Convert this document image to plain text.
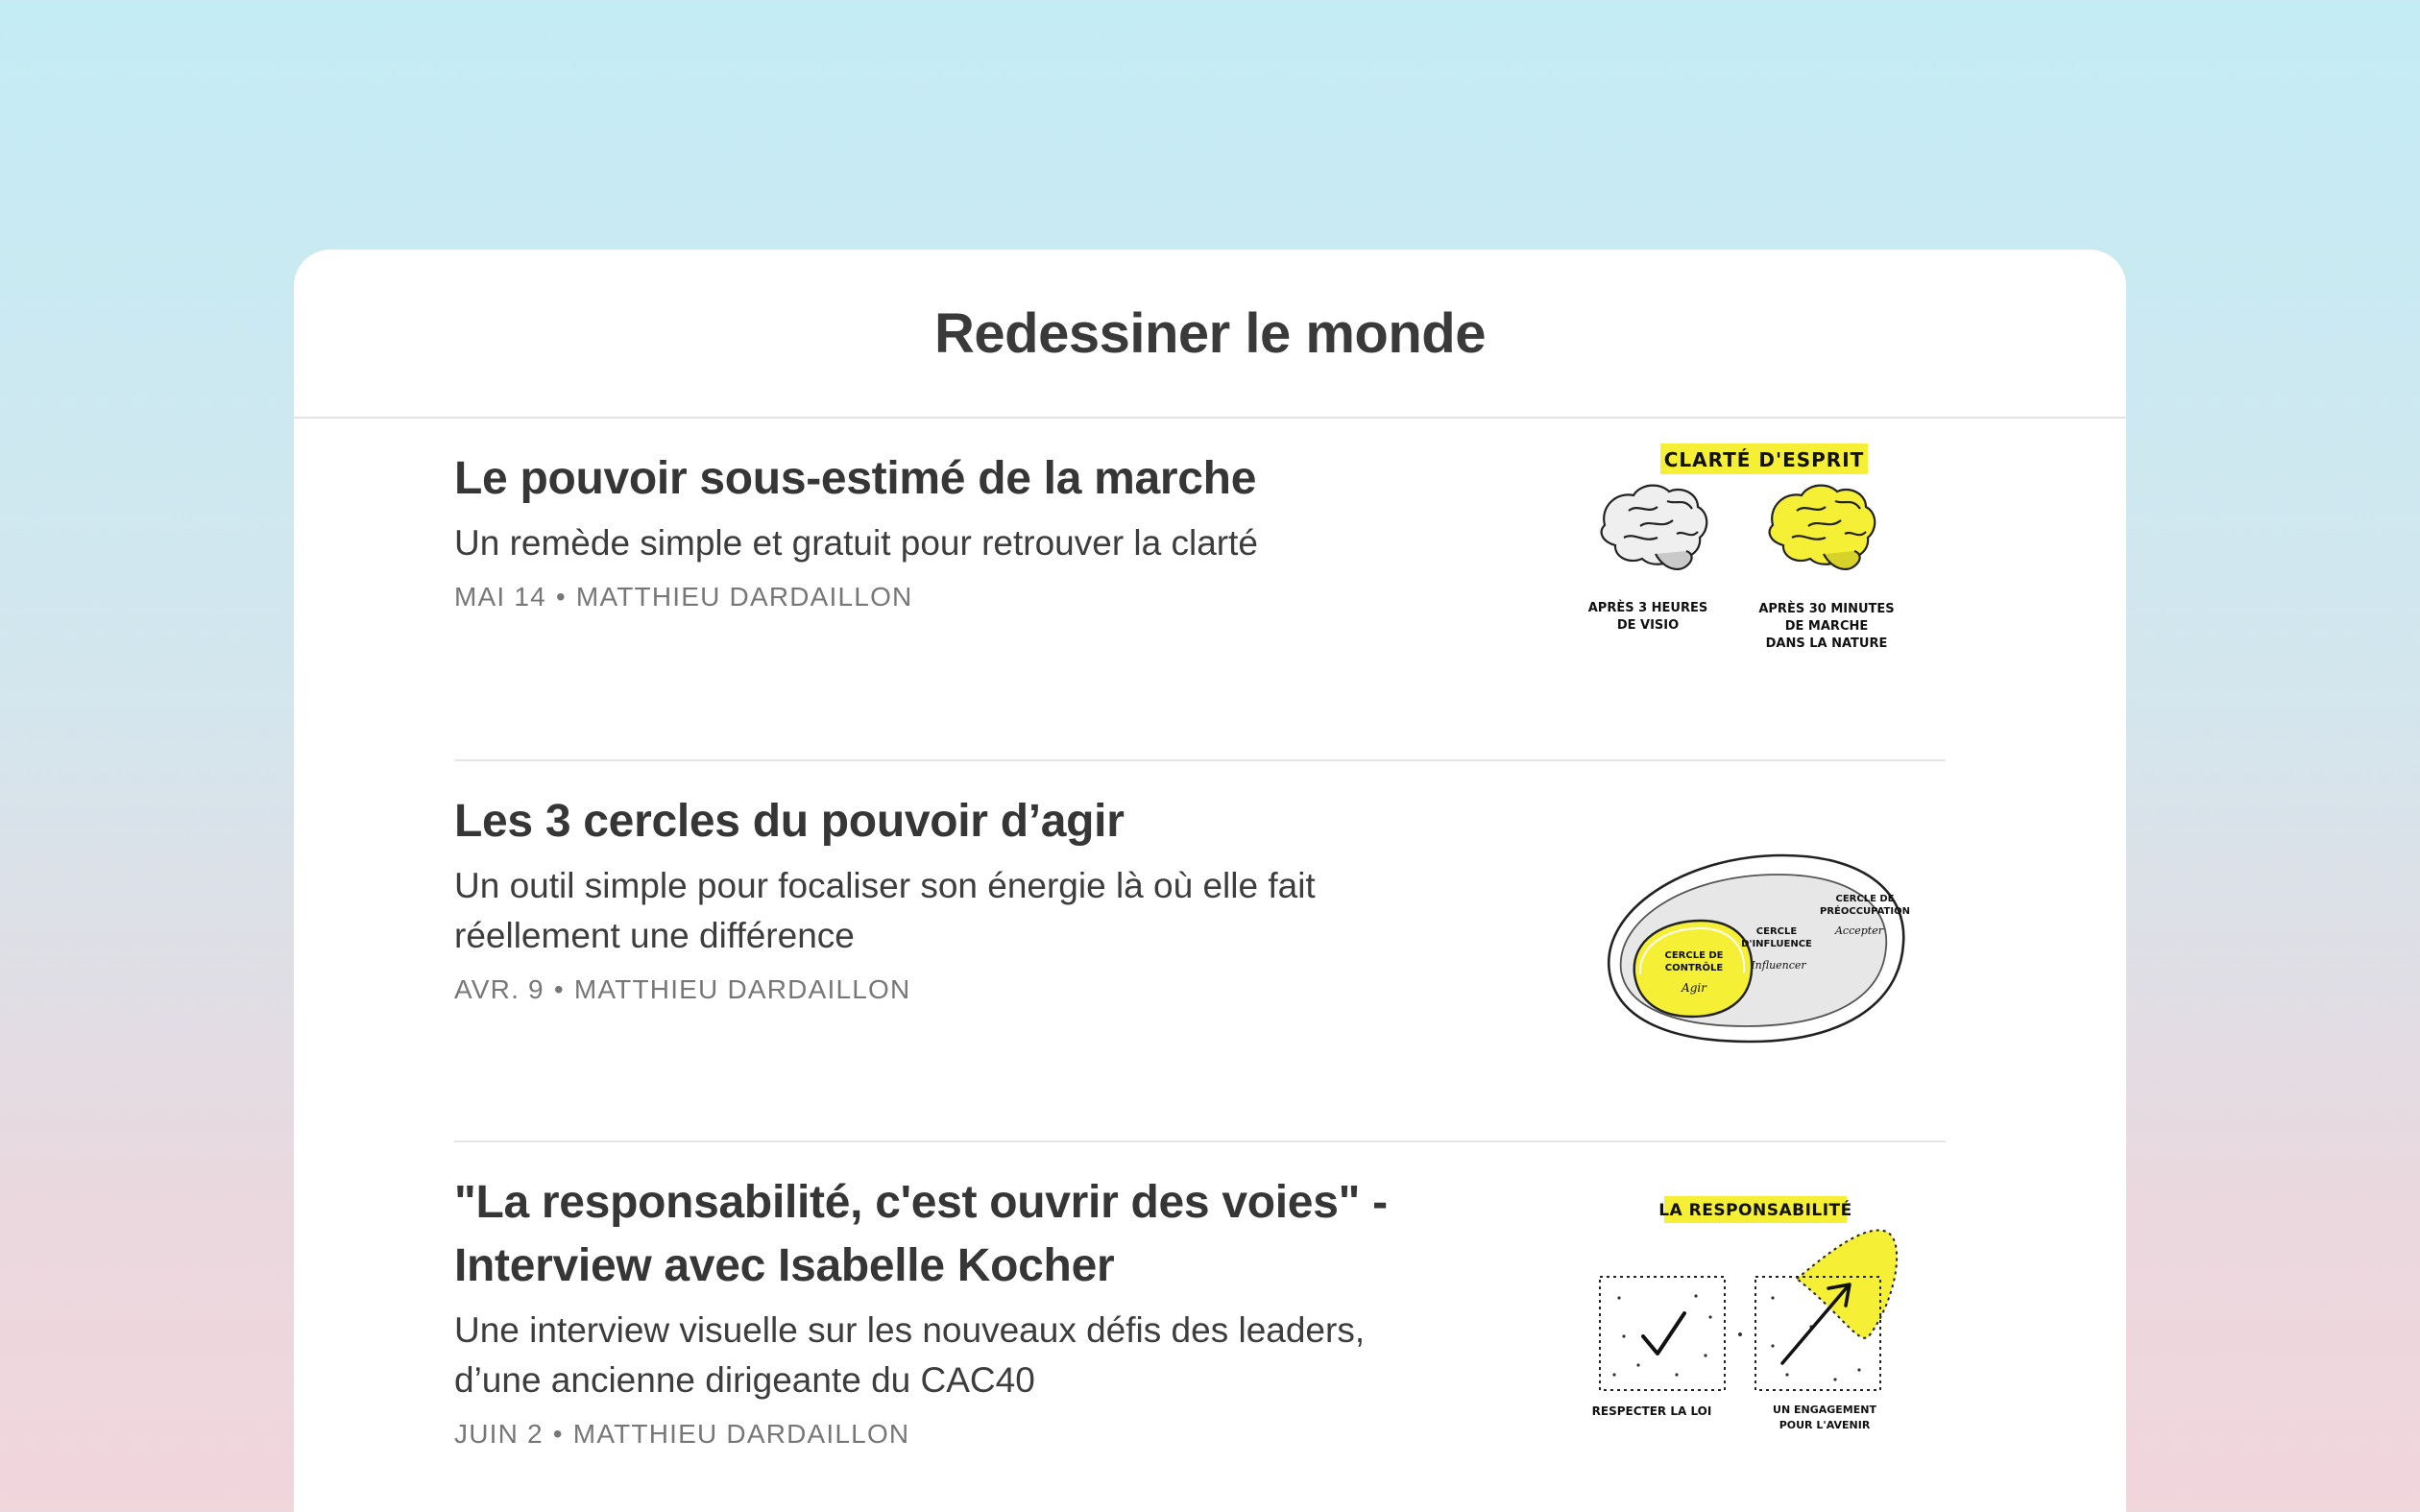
Redessiner le monde
Le pouvoir sous-estimé de la marche

Un remède simple et gratuit pour retrouver la clarté

MAI 14 • MATTHIEU DARDAILLON
CLARTÉ D'ESPRIT
APRÈS 3 HEURES
DE VISIO
APRÈS 30 MINUTES
DE MARCHE
DANS LA NATURE
Les 3 cercles du pouvoir d’agir

Un outil simple pour focaliser son énergie là où elle fait réellement une différence

AVR. 9 • MATTHIEU DARDAILLON
CERCLE DE
PRÉOCCUPATION
Accepter
CERCLE
D'INFLUENCE
Influencer
CERCLE DE
CONTRÔLE
Agir
"La responsabilité, c'est ouvrir des voies" - Interview avec Isabelle Kocher

Une interview visuelle sur les nouveaux défis des leaders, d’une ancienne dirigeante du CAC40

JUIN 2 • MATTHIEU DARDAILLON
LA RESPONSABILITÉ
RESPECTER LA LOI	UN ENGAGEMENT
POUR L'AVENIR
